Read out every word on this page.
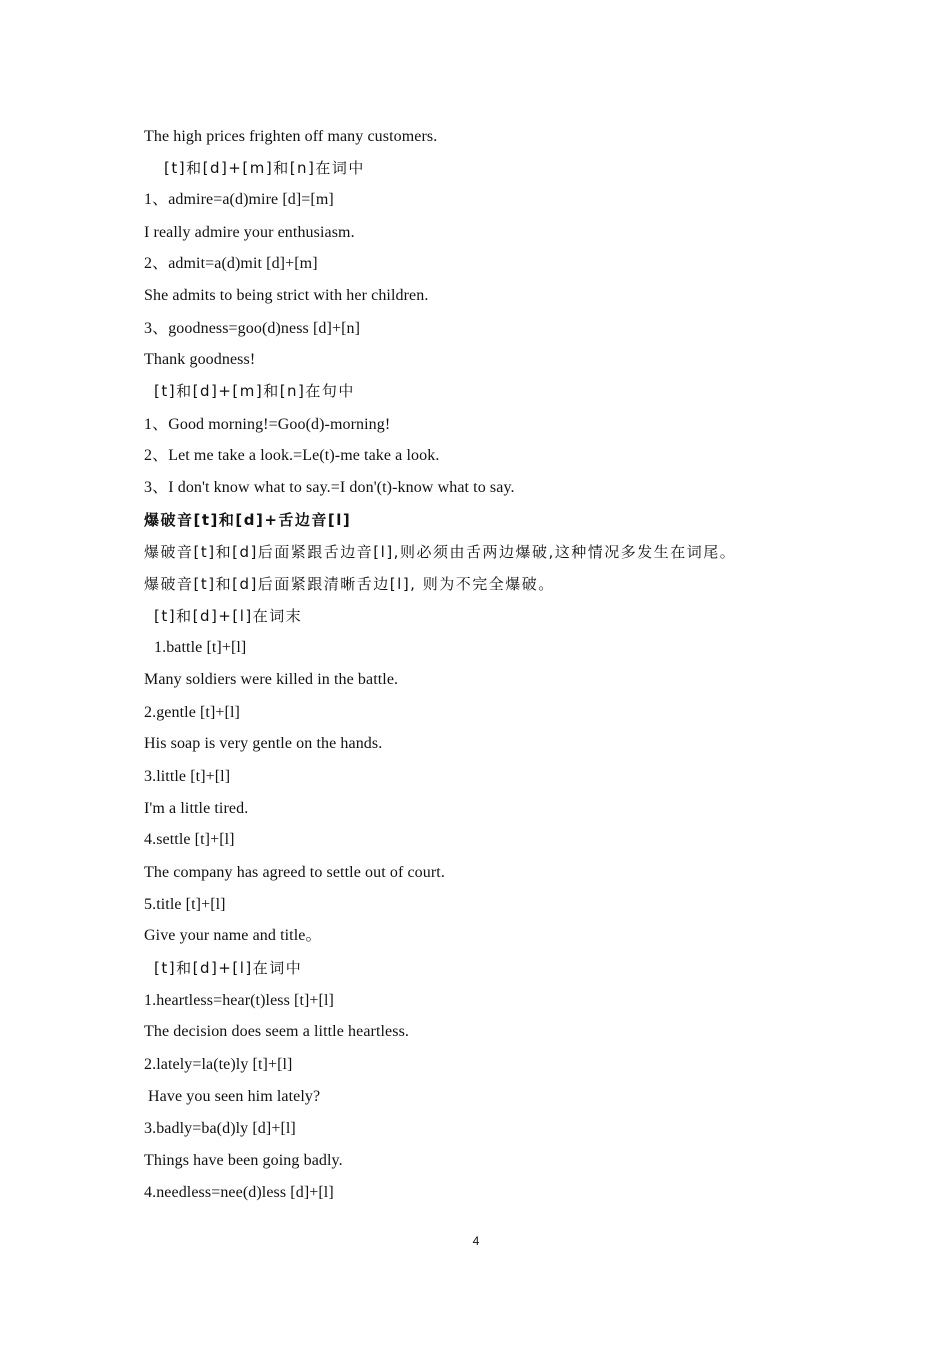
The high prices frighten off many customers.
[t]和[d]+[m]和[n]在词中
1、admire=a(d)mire [d]=[m]
I really admire your enthusiasm.
2、admit=a(d)mit [d]+[m]
She admits to being strict with her children.
3、goodness=goo(d)ness [d]+[n]
Thank goodness!
[t]和[d]+[m]和[n]在句中
1、Good morning!=Goo(d)-morning!
2、Let me take a look.=Le(t)-me take a look.
3、I don't know what to say.=I don'(t)-know what to say.
爆破音[t]和[d]+舌边音[l]
爆破音[t]和[d]后面紧跟舌边音[l],则必须由舌两边爆破,这种情况多发生在词尾。
爆破音[t]和[d]后面紧跟清晰舌边[l], 则为不完全爆破。
[t]和[d]+[l]在词末
1.battle [t]+[l]
Many soldiers were killed in the battle.
2.gentle [t]+[l]
His soap is very gentle on the hands.
3.little [t]+[l]
I'm a little tired.
4.settle [t]+[l]
The company has agreed to settle out of court.
5.title [t]+[l]
Give your name and title。
[t]和[d]+[l]在词中
1.heartless=hear(t)less [t]+[l]
The decision does seem a little heartless.
2.lately=la(te)ly [t]+[l]
Have you seen him lately?
3.badly=ba(d)ly [d]+[l]
Things have been going badly.
4.needless=nee(d)less [d]+[l]
4
